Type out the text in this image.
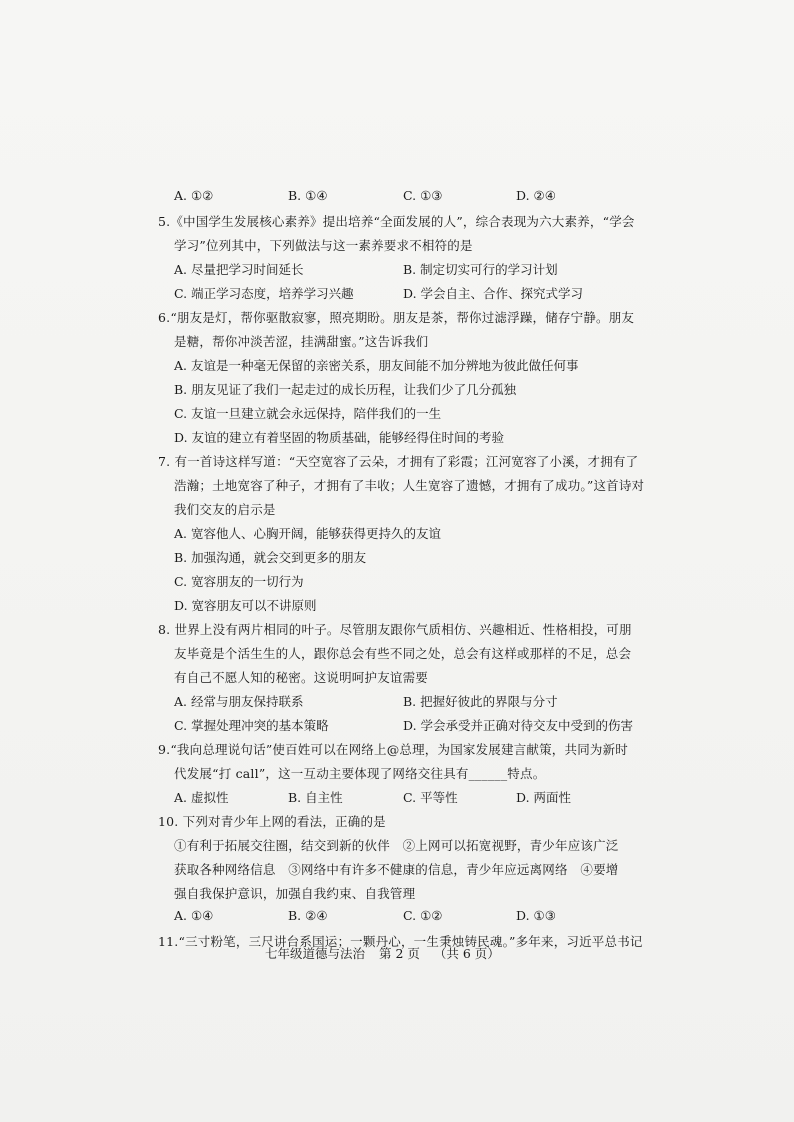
A. ①②	B. ①④	C. ①③	D. ②④
5.《中国学生发展核心素养》提出培养“全面发展的人”，综合表现为六大素养，“学会
学习”位列其中，下列做法与这一素养要求不相符的是
A. 尽量把学习时间延长	B. 制定切实可行的学习计划
C. 端正学习态度，培养学习兴趣	D. 学会自主、合作、探究式学习
6.“朋友是灯，帮你驱散寂寥，照亮期盼。朋友是茶，帮你过滤浮躁，储存宁静。朋友
是糖，帮你冲淡苦涩，挂满甜蜜。”这告诉我们
A. 友谊是一种毫无保留的亲密关系，朋友间能不加分辨地为彼此做任何事
B. 朋友见证了我们一起走过的成长历程，让我们少了几分孤独
C. 友谊一旦建立就会永远保持，陪伴我们的一生
D. 友谊的建立有着坚固的物质基础，能够经得住时间的考验
7. 有一首诗这样写道：“天空宽容了云朵，才拥有了彩霞；江河宽容了小溪，才拥有了
浩瀚；土地宽容了种子，才拥有了丰收；人生宽容了遗憾，才拥有了成功。”这首诗对
我们交友的启示是
A. 宽容他人、心胸开阔，能够获得更持久的友谊
B. 加强沟通，就会交到更多的朋友
C. 宽容朋友的一切行为
D. 宽容朋友可以不讲原则
8. 世界上没有两片相同的叶子。尽管朋友跟你气质相仿、兴趣相近、性格相投，可朋
友毕竟是个活生生的人，跟你总会有些不同之处，总会有这样或那样的不足，总会
有自己不愿人知的秘密。这说明呵护友谊需要
A. 经常与朋友保持联系	B. 把握好彼此的界限与分寸
C. 掌握处理冲突的基本策略	D. 学会承受并正确对待交友中受到的伤害
9.“我向总理说句话”使百姓可以在网络上@总理，为国家发展建言献策，共同为新时
代发展“打 call”，这一互动主要体现了网络交往具有______特点。
A. 虚拟性	B. 自主性	C. 平等性	D. 两面性
10. 下列对青少年上网的看法，正确的是
①有利于拓展交往圈，结交到新的伙伴　②上网可以拓宽视野，青少年应该广泛
获取各种网络信息　③网络中有许多不健康的信息，青少年应远离网络　④要增
强自我保护意识，加强自我约束、自我管理
A. ①④	B. ②④	C. ①②	D. ①③
11.“三寸粉笔，三尺讲台系国运；一颗丹心，一生秉烛铸民魂。”多年来，习近平总书记
七年级道德与法治 第 2 页 （共 6 页）
